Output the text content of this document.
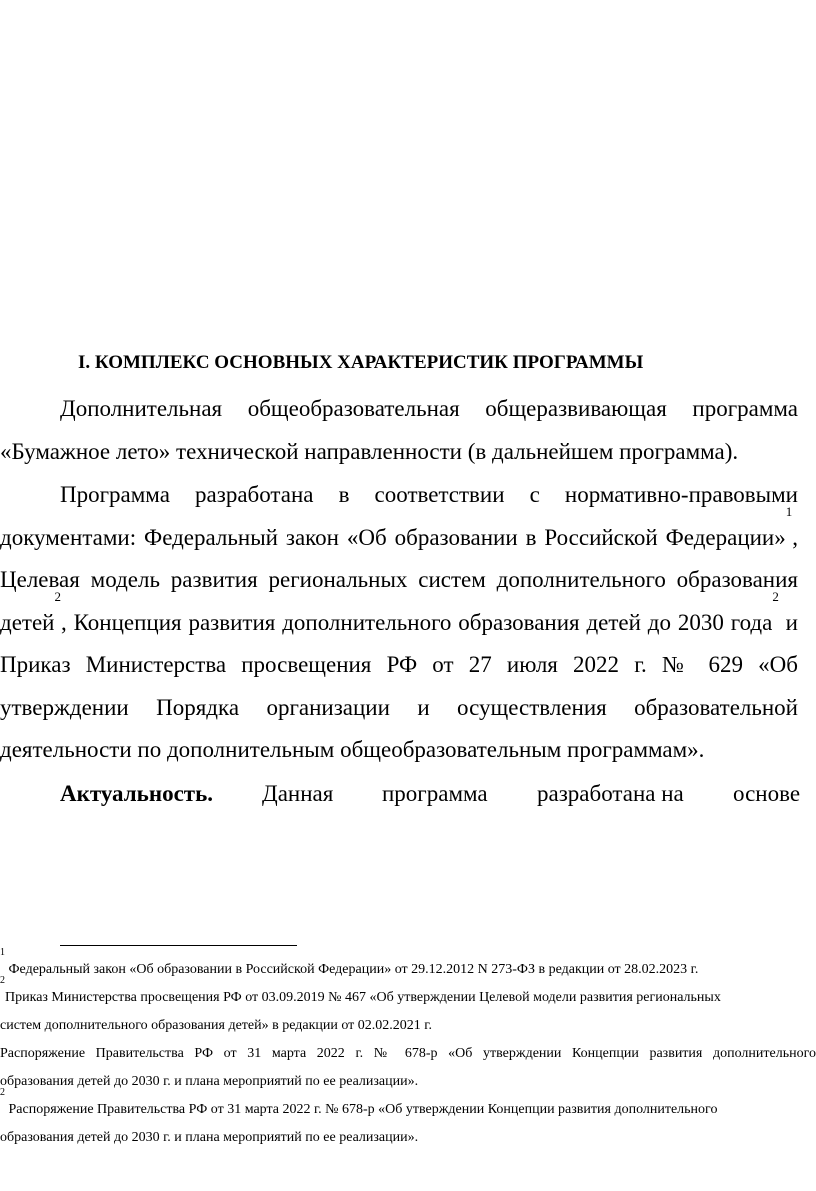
I. КОМПЛЕКС ОСНОВНЫХ ХАРАКТЕРИСТИК ПРОГРАММЫ
Дополнительная общеобразовательная общеразвивающая программа «Бумажное лето» технической направленности (в дальнейшем программа).
Программа разработана в соответствии с нормативно-правовыми документами: Федеральный закон «Об образовании в Российской Федерации»$^1$, Целевая модель развития региональных систем дополнительного образования детей$^2$, Концепция развития дополнительного образования детей до 2030 года$^2$ и Приказ Министерства просвещения РФ от 27 июля 2022 г. № 629 «Об утверждении Порядка организации и осуществления образовательной деятельности по дополнительным общеобразовательным программам».
Актуальность. Данная программа разработана на основе

$^1$ Федеральный закон «Об образовании в Российской Федерации» от 29.12.2012 N 273-ФЗ в редакции от 28.02.2023 г.

$^2$Приказ Министерства просвещения РФ от 03.09.2019 № 467 «Об утверждении Целевой модели развития региональных

систем дополнительного образования детей» в редакции от 02.02.2021 г.

Распоряжение Правительства РФ от 31 марта 2022 г. № 678-р «Об утверждении Концепции развития дополнительного

образования детей до 2030 г. и плана мероприятий по ее реализации».

$^2$ Распоряжение Правительства РФ от 31 марта 2022 г. № 678-р «Об утверждении Концепции развития дополнительного

образования детей до 2030 г. и плана мероприятий по ее реализации».
